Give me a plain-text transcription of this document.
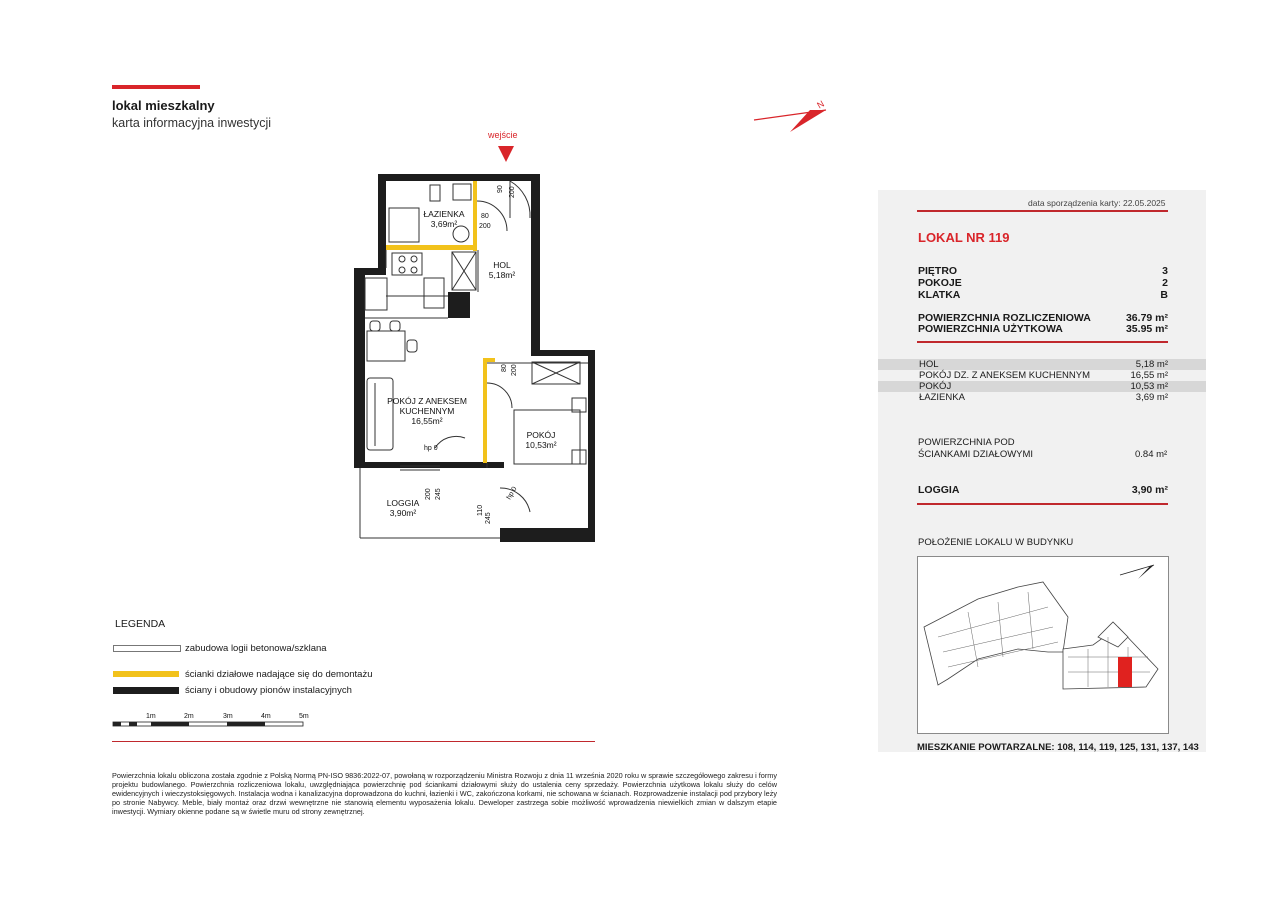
lokal mieszkalny
karta informacyjna inwestycji
N
wejście
ŁAZIENKA
3,69m²
HOL
5,18m²
POKÓJ Z ANEKSEM
KUCHENNYM
16,55m²
POKÓJ
10,53m²
LOGGIA
3,90m²
90 200
80
200
80 200
200 245
110
245
hp 0
hp 0
data sporządzenia karty: 22.05.2025
LOKAL NR 119
PIĘTRO	3
POKOJE	2
KLATKA	B
POWIERZCHNIA ROZLICZENIOWA	36.79 m²
POWIERZCHNIA UŻYTKOWA	35.95 m²
HOL	5,18 m²
POKÓJ DZ. Z ANEKSEM KUCHENNYM	16,55 m²
POKÓJ	10,53 m²
ŁAZIENKA	3,69 m²
POWIERZCHNIA POD
ŚCIANKAMI DZIAŁOWYMI	0.84 m²
LOGGIA	3,90 m²
POŁOŻENIE LOKALU W BUDYNKU
MIESZKANIE POWTARZALNE: 108, 114, 119, 125, 131, 137, 143
LEGENDA
zabudowa logii betonowa/szklana
ścianki działowe nadające się do demontażu
ściany i obudowy pionów instalacyjnych
1m	2m	3m	4m	5m
Powierzchnia lokalu obliczona została zgodnie z Polską Normą PN-ISO 9836:2022-07, powołaną w rozporządzeniu Ministra Rozwoju z dnia 11 września 2020 roku w sprawie szczegółowego zakresu i formy projektu budowlanego. Powierzchnia rozliczeniowa lokalu, uwzględniająca powierzchnię pod ściankami działowymi służy do ustalenia ceny sprzedaży. Powierzchnia użytkowa lokalu służy do celów ewidencyjnych i wieczystoksięgowych. Instalacja wodna i kanalizacyjna doprowadzona do kuchni, łazienki i WC, zakończona korkami, nie schowana w ścianach. Rozprowadzenie instalacji pod przybory leży po stronie Nabywcy. Meble, biały montaż oraz drzwi wewnętrzne nie stanowią elementu wyposażenia lokalu. Deweloper zastrzega sobie możliwość wprowadzenia niewielkich zmian w dalszym etapie inwestycji. Wymiary okienne podane są w świetle muru od strony zewnętrznej.
